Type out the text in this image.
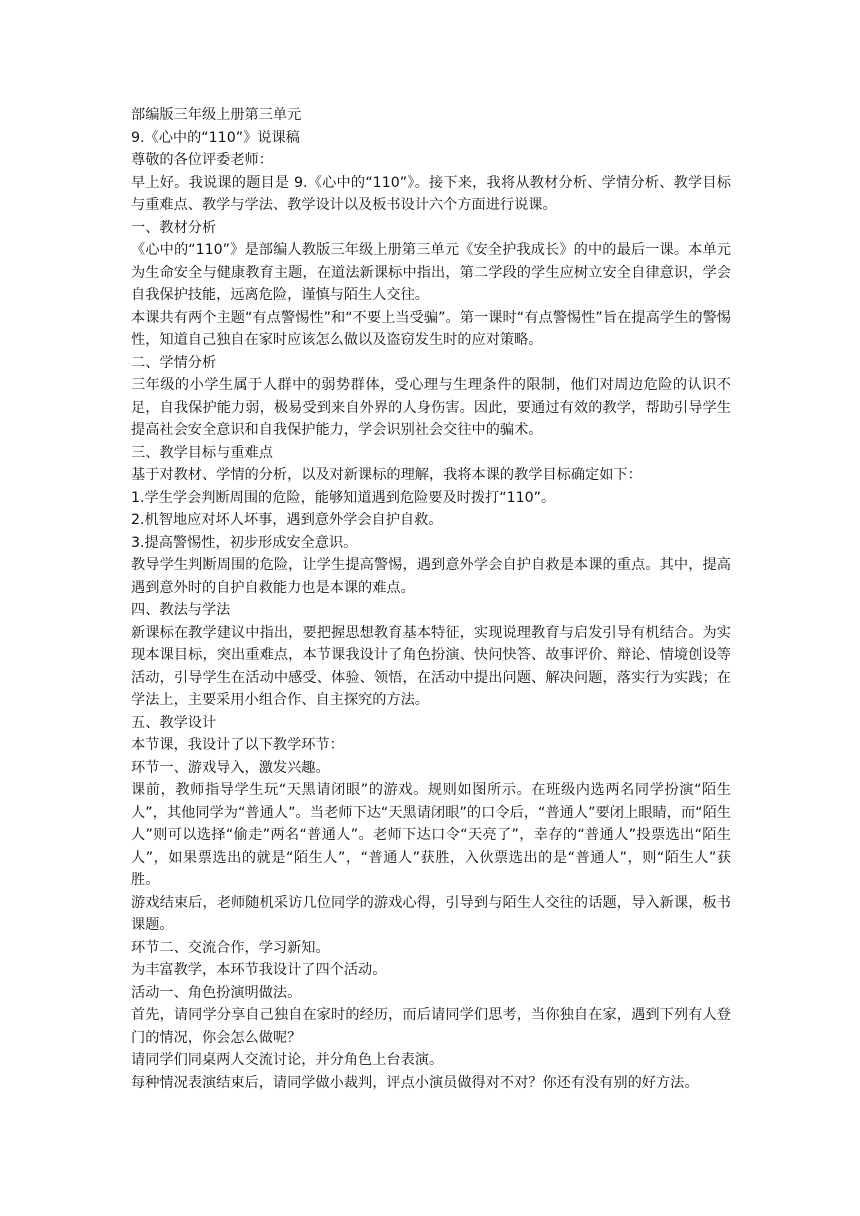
部编版三年级上册第三单元

9.《心中的“110”》说课稿

尊敬的各位评委老师：

早上好。我说课的题目是 9.《心中的“110”》。接下来，我将从教材分析、学情分析、教学目标与重难点、教学与学法、教学设计以及板书设计六个方面进行说课。

一、教材分析

《心中的“110”》是部编人教版三年级上册第三单元《安全护我成长》的中的最后一课。本单元为生命安全与健康教育主题，在道法新课标中指出，第二学段的学生应树立安全自律意识，学会自我保护技能，远离危险，谨慎与陌生人交往。

本课共有两个主题“有点警惕性”和“不要上当受骗”。第一课时“有点警惕性”旨在提高学生的警惕性，知道自己独自在家时应该怎么做以及盗窃发生时的应对策略。

二、学情分析

三年级的小学生属于人群中的弱势群体，受心理与生理条件的限制，他们对周边危险的认识不足，自我保护能力弱，极易受到来自外界的人身伤害。因此，要通过有效的教学，帮助引导学生提高社会安全意识和自我保护能力，学会识别社会交往中的骗术。

三、教学目标与重难点

基于对教材、学情的分析，以及对新课标的理解，我将本课的教学目标确定如下：

1.学生学会判断周围的危险，能够知道遇到危险要及时拨打“110”。

2.机智地应对坏人坏事，遇到意外学会自护自救。

3.提高警惕性，初步形成安全意识。

教导学生判断周围的危险，让学生提高警惕，遇到意外学会自护自救是本课的重点。其中，提高遇到意外时的自护自救能力也是本课的难点。

四、教法与学法

新课标在教学建议中指出，要把握思想教育基本特征，实现说理教育与启发引导有机结合。为实现本课目标，突出重难点，本节课我设计了角色扮演、快问快答、故事评价、辩论、情境创设等活动，引导学生在活动中感受、体验、领悟，在活动中提出问题、解决问题，落实行为实践；在学法上，主要采用小组合作、自主探究的方法。

五、教学设计

本节课，我设计了以下教学环节：

环节一、游戏导入，激发兴趣。

课前，教师指导学生玩“天黑请闭眼”的游戏。规则如图所示。在班级内选两名同学扮演“陌生人”，其他同学为“普通人”。当老师下达“天黑请闭眼”的口令后，“普通人”要闭上眼睛，而“陌生人”则可以选择“偷走”两名“普通人”。老师下达口令“天亮了”，幸存的“普通人”投票选出“陌生人”，如果票选出的就是“陌生人”，“普通人”获胜，入伙票选出的是“普通人”，则“陌生人”获胜。

游戏结束后，老师随机采访几位同学的游戏心得，引导到与陌生人交往的话题，导入新课，板书课题。

环节二、交流合作，学习新知。

为丰富教学，本环节我设计了四个活动。

活动一、角色扮演明做法。

首先，请同学分享自己独自在家时的经历，而后请同学们思考，当你独自在家，遇到下列有人登门的情况，你会怎么做呢？

请同学们同桌两人交流讨论，并分角色上台表演。

每种情况表演结束后，请同学做小裁判，评点小演员做得对不对？你还有没有别的好方法。
